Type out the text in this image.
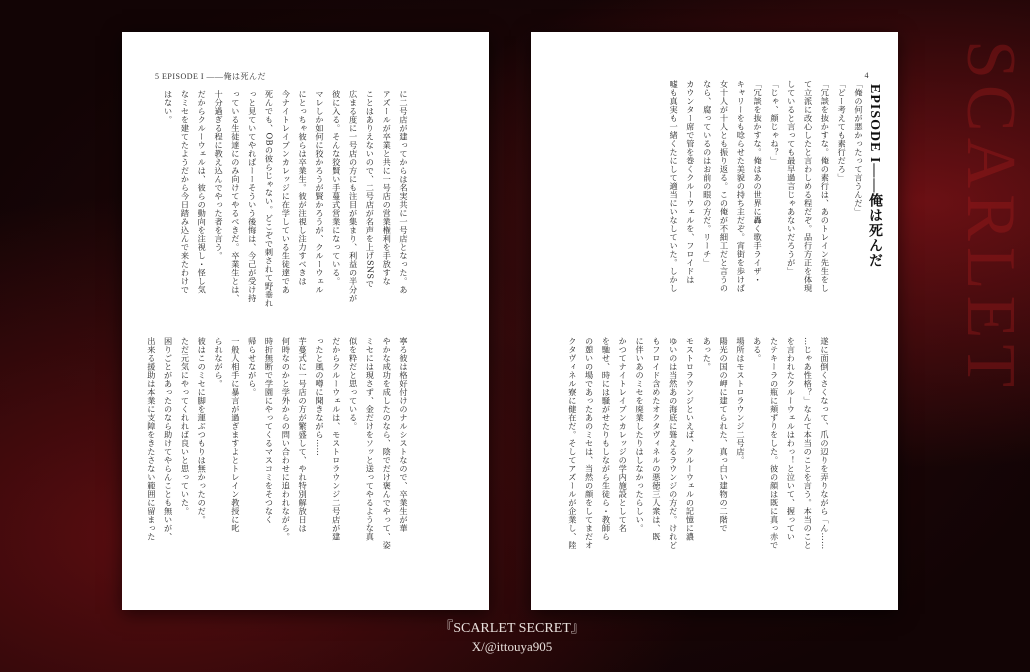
SCARLET
5 EPISODE I ——俺は死んだ

に二号店が建ってからは名実共に一号店となった。あ

アズールが卒業と共に一号店の営業権利を手放すな

ことはありえないので、二号店が名声を上げSNSで

広まる度に一号店の方にも注目が集まり、利益の半分が

彼に入る。そんな狡賢い手蔓式営業になっている。

マレしか如何に狡かろうが賢かろうが、クルーウェル

にとっちゃ彼らは卒業生。彼が注視し注力すべきは

今ナイトレイブンカレッジに在学している生徒達であ

死んでも、OBの彼らじゃない。どこぞで刺されて野垂れ

っと見ていてやればーーそういう後悔は、今己が受け持

っている生徒達にのみ向けてやるべきだ。卒業生とは、

十分過ぎる程に教え込んでやった者を言う。

だからクルーウェルは、彼らの動向を注視し・怪し気

なミセを建てたようだから今日踏み込んで来たわけで

はない。

寧ろ彼は格好付けのナルシストなので、卒業生が華

やかな成功を成したのなら、陰でだけ褒んでやって、姿

ミセには現さず、金だけをソッと送ってやるような真

似を粋だと思っている。

だからクルーウェルは、モストロラウンジ二号店が建

ったと風の噂に聞きながら……

芋蔓式に一号店の方が繁盛して、やれ特別解放日は

何時なのかと学外からの問い合わせに追われながら。

時折無断で学園にやってくるマスコミをそつなく

帰らせながら。

一般人相手に暴言が過ぎますよとトレイン教授に叱

られながら。

彼はこのミセに脚を運ぶつもりは無かったのだ。

ただ元気にやってくれれば良いと思っていた。

困りごとがあったのなら助けてやらんことも無いが、

出来る援助は本業に支障をきたさない範囲に留まった

4
EPISODE I——俺は死んだ

「俺の何が悪かったって言うんだ」

「どー考えても素行だろ」

「冗談を抜かすな。俺の素行は、あのトレイン先生をし

て立派に改心したと言わしめる程だぞ。品行方正を体現

していると言っても最早過言じゃあないだろうが」

「じゃ、顔じゃね？」

「冗談を抜かすな。俺はあの世界に轟く歌手ライザ・

キャリーをも唸らせた美貌の持ち主だぞ。宵街を歩けば

女十人が十人とも振り返る。この俺が不細工だと言うの

なら、腐っているのはお前の眼の方だ。リーチ」

カウンター席で管を巻くクルーウェルを、フロイドは

嘘も真実も一緒くたにして適当にいなしていた。しかし

遂に面倒くさくなって、爪の辺りを弄りながら「ん……

…じゃあ性格？」なんて本当のことを言う。本当のこと

を言われたクルーウェルはわっ！と泣いて、握ってい

たテキーラの瓶に頬ずりをした。彼の顔は既に真っ赤で

ある。

場所はモストロラウンジ二号店。

陽光の国の岬に建てられた、真っ白い建物の二階で

あった。

モストロラウンジといえば、クルーウェルの記憶に濃

ゆいのは当然あの海底に聳えるラウンジの方だ。けれど

もフロイド含めたオクタヴィネルの悪徳三人衆は、既

に伴いあのミセを廃業したりはしなかったらしい。

かつてナイトレイブンカレッジの学内施設として名

を馳せ、時には騒がせたりもしながら生徒ら・教師ら

の憩いの場であったあのミセは、当然の顔をしてまだオ

クタヴィネル寮に健在だ。そしてアズールが企業し、陸

『SCARLET SECRET』
X/@ittouya905
